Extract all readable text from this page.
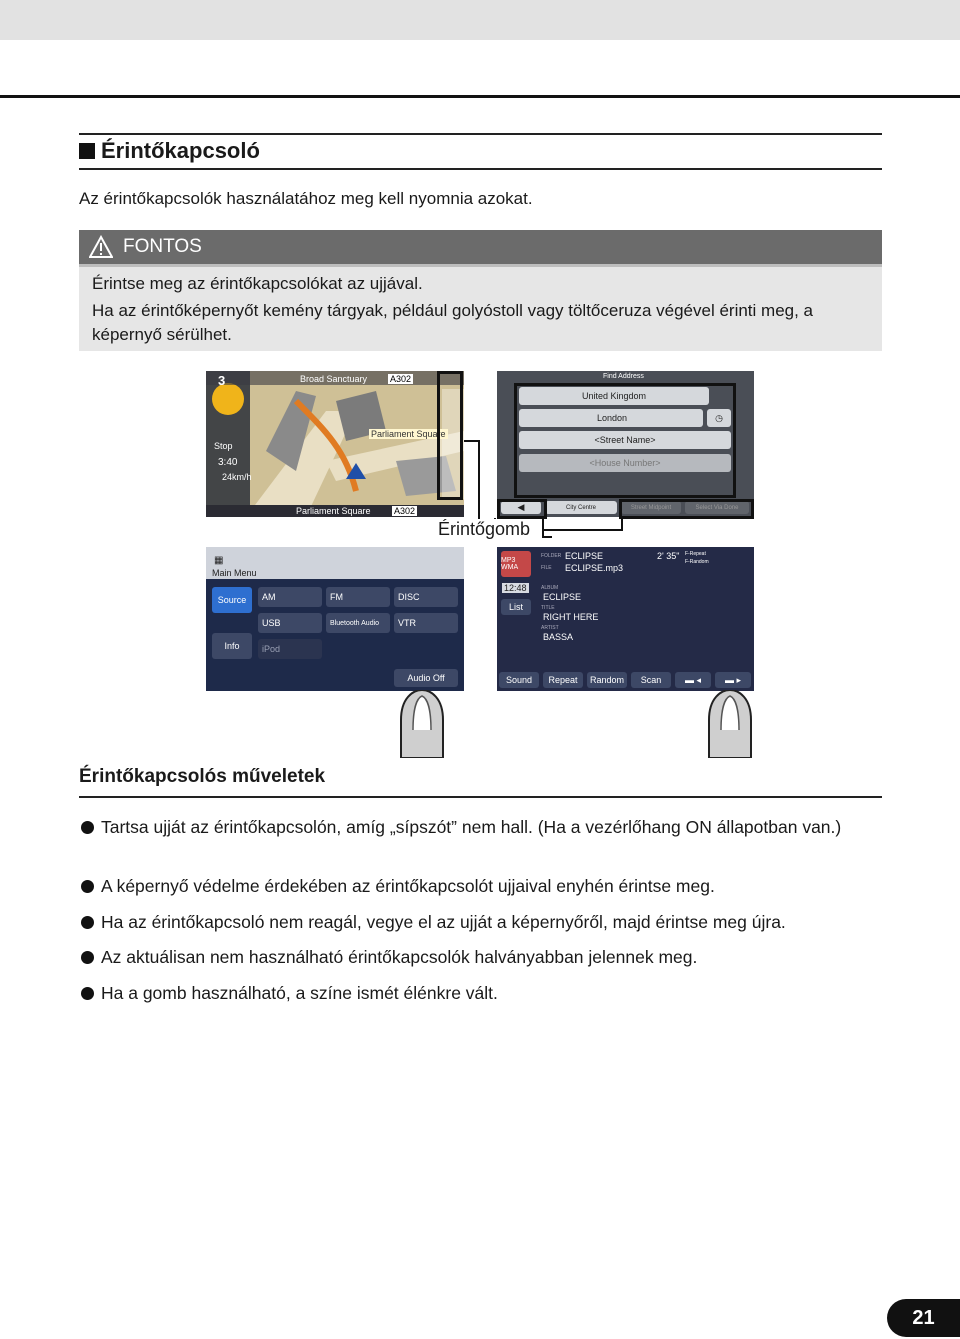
Érintőkapcsoló
Az érintőkapcsolók használatához meg kell nyomnia azokat.
FONTOS

Érintse meg az érintőkapcsolókat az ujjával.

Ha az érintőképernyőt kemény tárgyak, például golyóstoll vagy töltőceruza végével érinti meg, a képernyő sérülhet.

3	Broad Sanctuary	A302
Parliament Square
Stop
3:40
24km/h
Parliament Square	A302
Find Address
United Kingdom
London	◷
<Street Name>
<House Number>
◀	City Centre	Street Midpoint	Select Via Done
Érintőgomb
▦
Main Menu
Source
Info
AM	FM	DISC
USB	Bluetooth Audio	VTR
iPod
Audio Off
MP3 WMA
12:48
List
FOLDER ECLIPSE
FILE ECLIPSE.mp3
2' 35" F-Repeat
F-Random
ALBUM
ECLIPSE
TITLE
RIGHT HERE
ARTIST
BASSA
Sound	Repeat	Random	Scan	▬ ◂	▬ ▸
Érintőkapcsolós műveletek
Tartsa ujját az érintőkapcsolón, amíg „sípszót” nem hall. (Ha a vezérlőhang ON állapotban van.)
A képernyő védelme érdekében az érintőkapcsolót ujjaival enyhén érintse meg.
Ha az érintőkapcsoló nem reagál, vegye el az ujját a képernyőről, majd érintse meg újra.
Az aktuálisan nem használható érintőkapcsolók halványabban jelennek meg.
Ha a gomb használható, a színe ismét élénkre vált.
21
